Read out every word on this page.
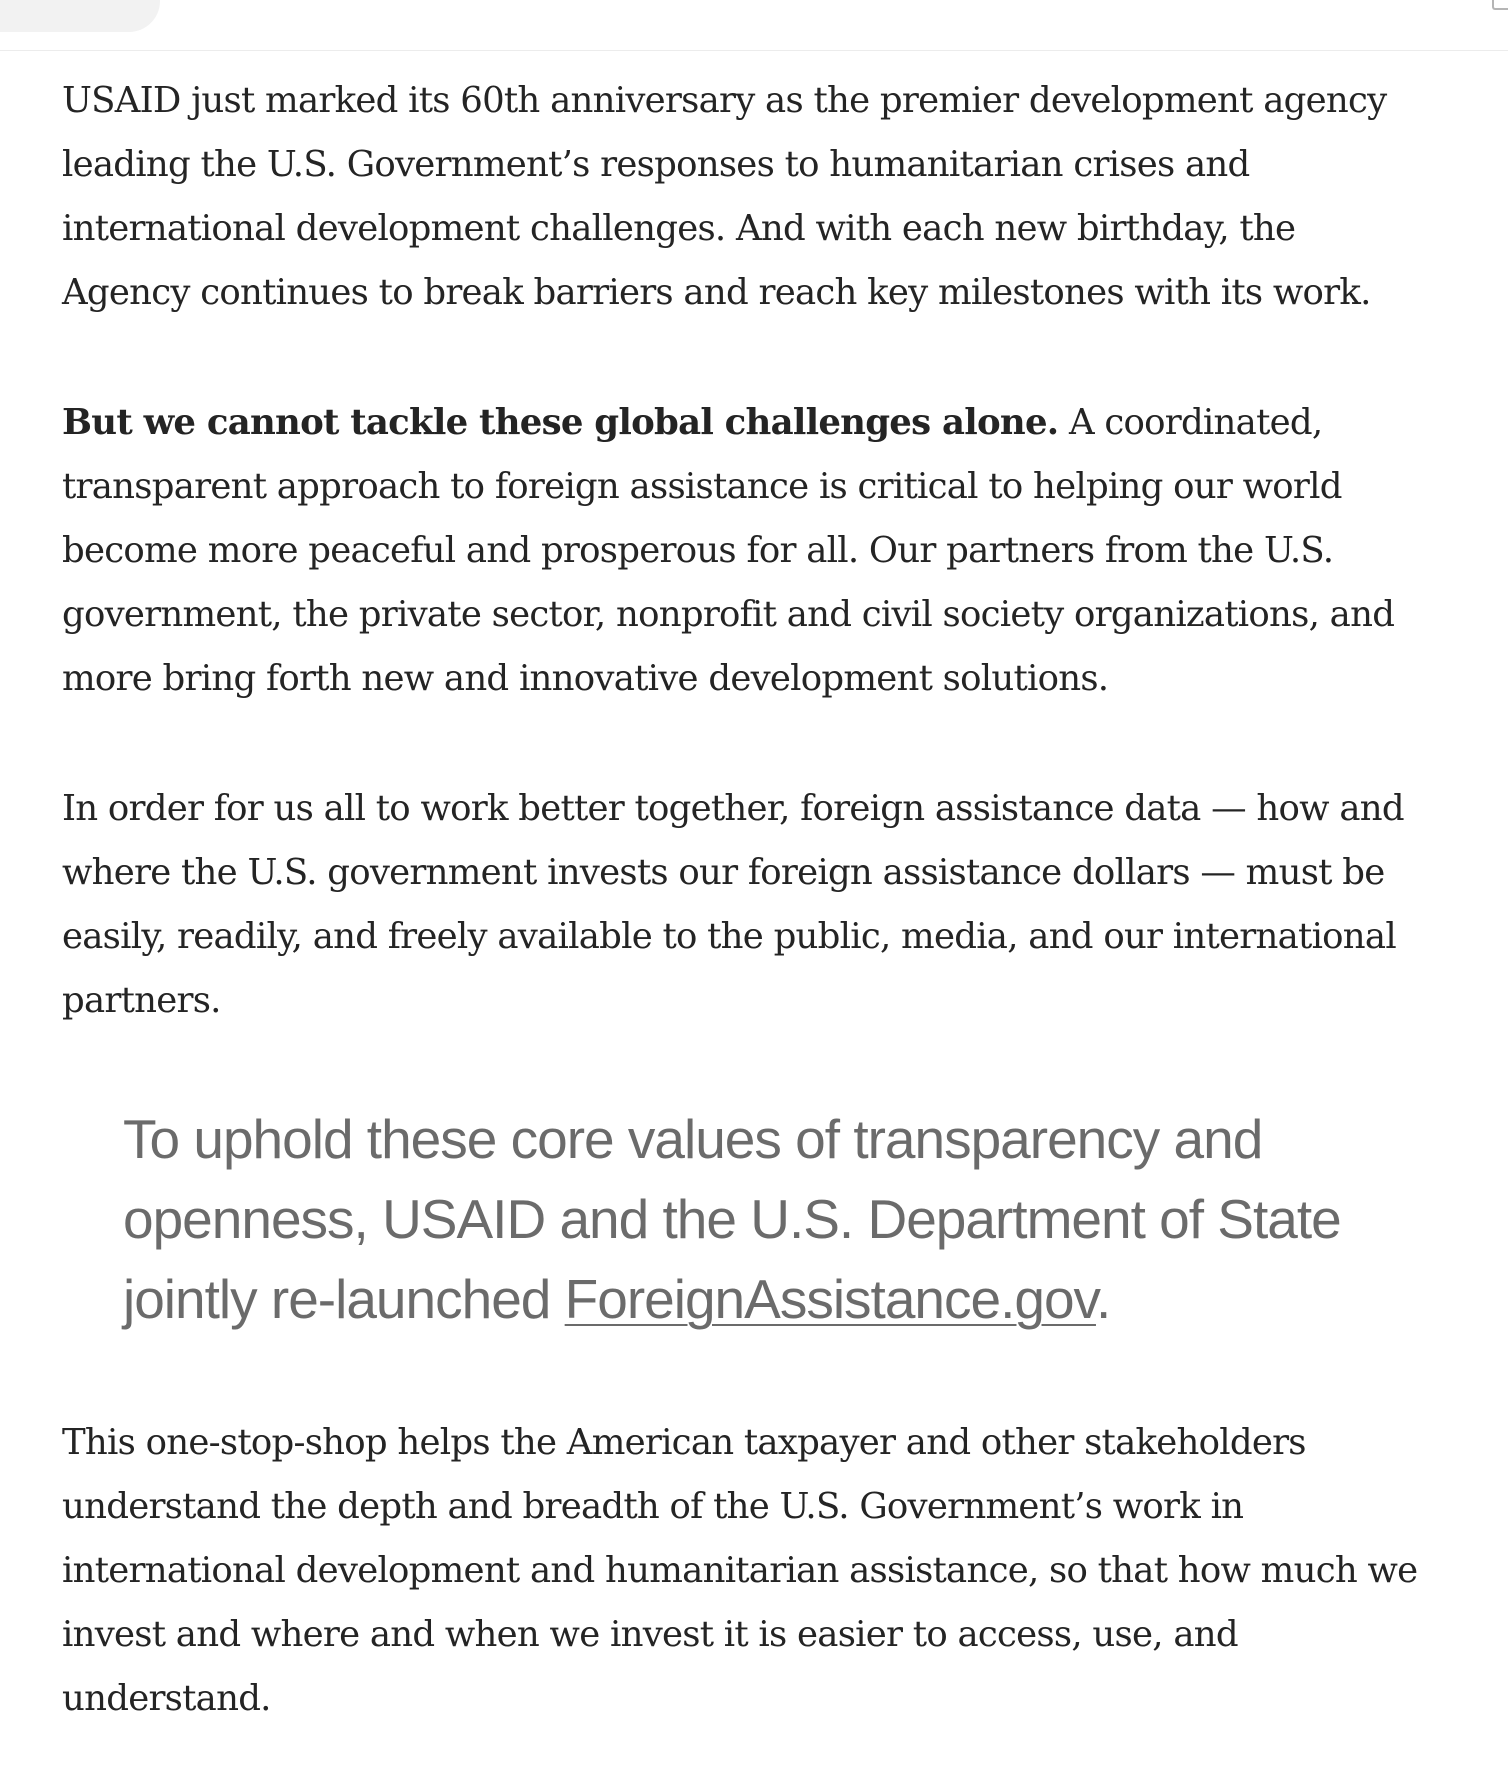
USAID just marked its 60th anniversary as the premier development agency leading the U.S. Government’s responses to humanitarian crises and international development challenges. And with each new birthday, the Agency continues to break barriers and reach key milestones with its work.

But we cannot tackle these global challenges alone. A coordinated, transparent approach to foreign assistance is critical to helping our world become more peaceful and prosperous for all. Our partners from the U.S. government, the private sector, nonprofit and civil society organizations, and more bring forth new and innovative development solutions.

In order for us all to work better together, foreign assistance data — how and where the U.S. government invests our foreign assistance dollars — must be easily, readily, and freely available to the public, media, and our international partners.

To uphold these core values of transparency and openness, USAID and the U.S. Department of State jointly re-launched ForeignAssistance.gov.

This one-stop-shop helps the American taxpayer and other stakeholders understand the depth and breadth of the U.S. Government’s work in international development and humanitarian assistance, so that how much we invest and where and when we invest it is easier to access, use, and understand.
